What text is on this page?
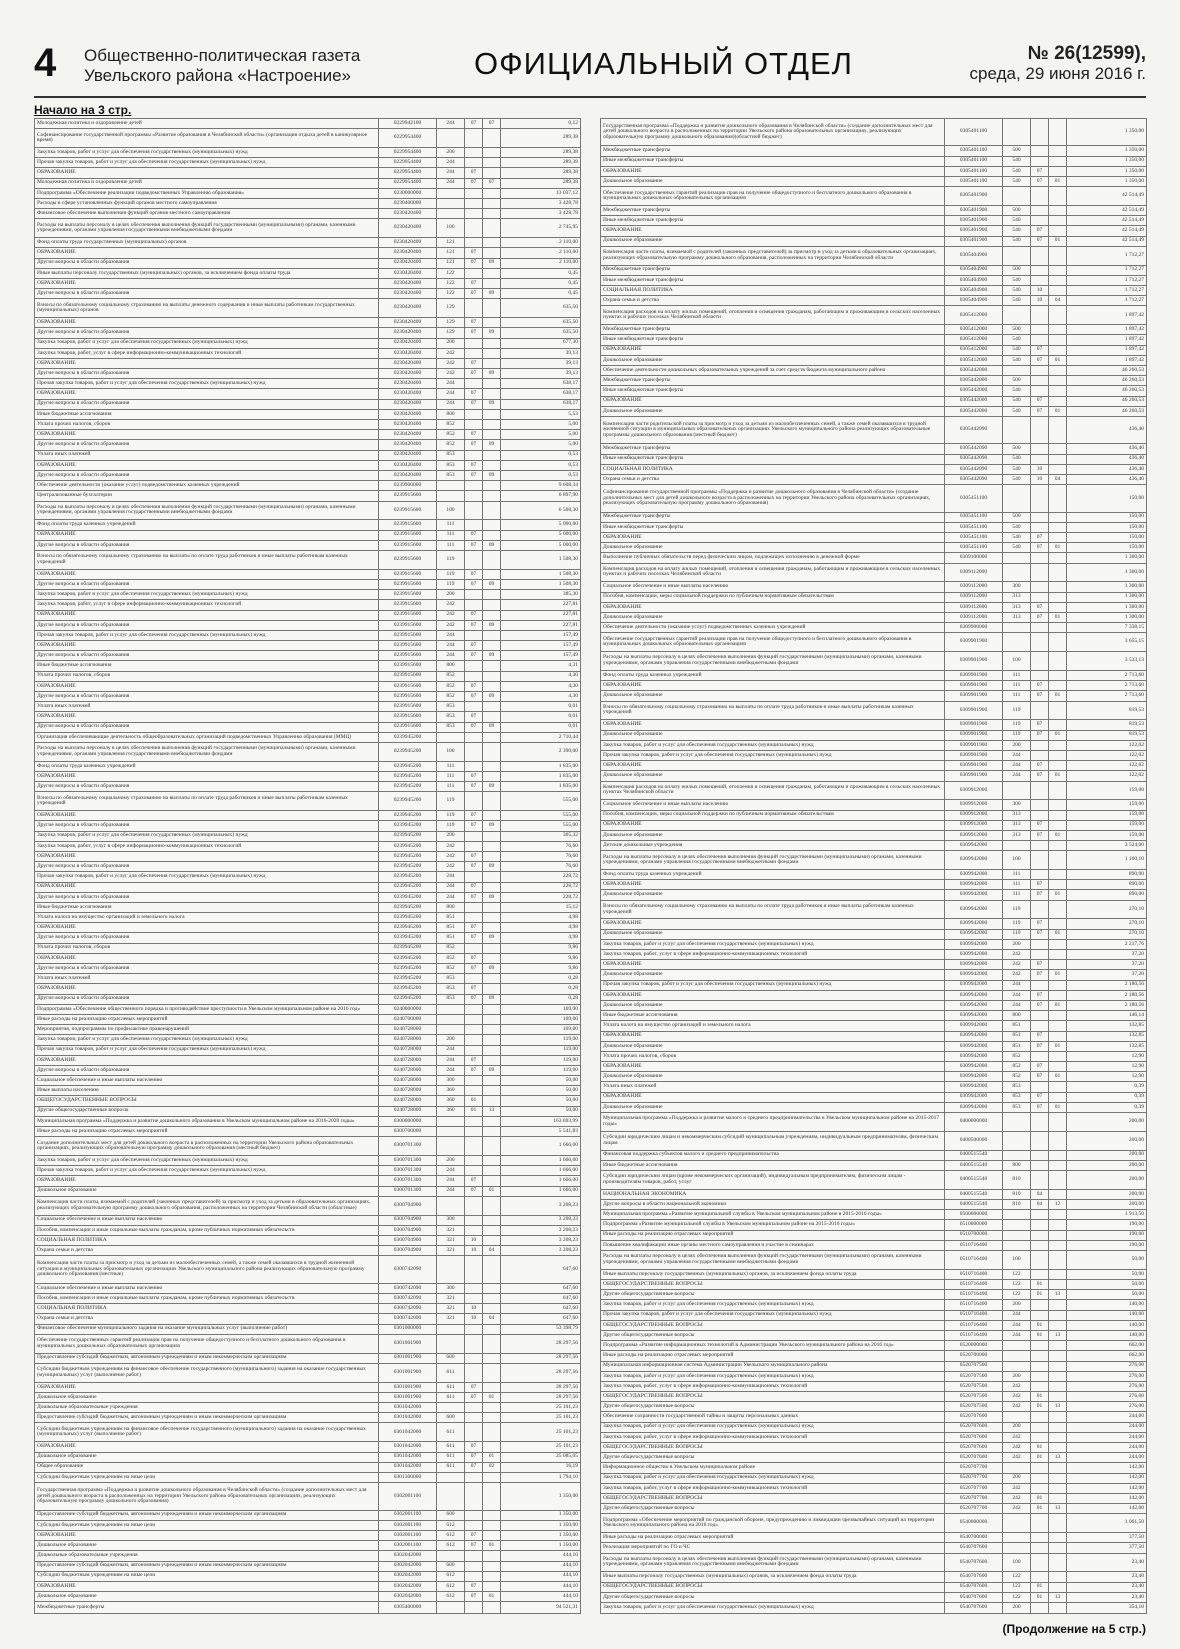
4 Общественно-политическая газета
Увельского района «Настроение»	ОФИЦИАЛЬНЫЙ ОТДЕЛ	№ 26(12599),
среда, 29 июня 2016 г.
Начало на 3 стр.
Молодежная политика и оздоровление детей	0229942100	244	07	07	0,12
Софинансирование государственной программы «Развитие образования в Челябинской области» (организация отдыха детей в каникулярное время)	0229954400				289,38
Закупка товаров, работ и услуг для обеспечения государственных (муниципальных) нужд	0229954400	200			289,38
Прочая закупка товаров, работ и услуг для обеспечения государственных (муниципальных) нужд	0229954400	244			289,38
ОБРАЗОВАНИЕ	0229954400	244	07		289,38
Молодежная политика и оздоровление детей	0229954400	244	07	07	289,38
Подпрограмма «Обеспечение реализации подведомственных Управлению образования»	0230000000				13 037,12
Расходы в сфере установленных функций органов местного самоуправления	0230400000				3 428,78
Финансовое обеспечение выполнения функций органов местного самоуправления	0230420400				3 428,78
Расходы на выплаты персоналу в целях обеспечения выполнения функций государственными (муниципальными) органами, казенными учреждениями, органами управления государственными внебюджетными фондами	0230420400	100			2 745,95
Фонд оплаты труда государственных (муниципальных) органов	0230420400	121			2 110,00
ОБРАЗОВАНИЕ	0230420400	121	07		2 110,00
Другие вопросы в области образования	0230420400	121	07	09	2 110,00
Иные выплаты персоналу государственных (муниципальных) органов, за исключением фонда оплаты труда	0230420400	122			0,45
ОБРАЗОВАНИЕ	0230420400	122	07		0,45
Другие вопросы в области образования	0230420400	122	07	09	0,45
Взносы по обязательному социальному страхованию на выплаты денежного содержания и иные выплаты работникам государственных (муниципальных) органов	0230420400	129			635,50
ОБРАЗОВАНИЕ	0230420400	129	07		635,50
Другие вопросы в области образования	0230420400	129	07	09	635,50
Закупка товаров, работ и услуг для обеспечения государственных (муниципальных) нужд	0230420400	200			677,30
Закупка товаров, работ, услуг в сфере информационно-коммуникационных технологий	0230420400	242			39,13
ОБРАЗОВАНИЕ	0230420400	242	07		39,13
Другие вопросы в области образования	0230420400	242	07	09	39,13
Прочая закупка товаров, работ и услуг для обеспечения государственных (муниципальных) нужд	0230420400	244			638,17
ОБРАЗОВАНИЕ	0230420400	244	07		638,17
Другие вопросы в области образования	0230420400	244	07	09	638,17
Иные бюджетные ассигнования	0230420400	800			5,53
Уплата прочих налогов, сборов	0230420400	852			5,00
ОБРАЗОВАНИЕ	0230420400	852	07		5,00
Другие вопросы в области образования	0230420400	852	07	09	5,00
Уплата иных платежей	0230420400	853			0,53
ОБРАЗОВАНИЕ	0230420400	853	07		0,53
Другие вопросы в области образования	0230420400	853	07	09	0,53
Обеспечение деятельности (оказание услуг) подведомственных казенных учреждений	0239900000				9 608,34
Централизованные бухгалтерии	0239915600				6 897,90
Расходы на выплаты персоналу в целях обеспечения выполнения функций государственными (муниципальными) органами, казенными учреждениями, органами управления государственными внебюджетными фондами	0239915600	100			6 508,30
Фонд оплаты труда казенных учреждений	0239915600	111			5 000,00
ОБРАЗОВАНИЕ	0239915600	111	07		5 000,00
Другие вопросы в области образования	0239915600	111	07	09	5 000,00
Взносы по обязательному социальному страхованию на выплаты по оплате труда работников и иные выплаты работникам казенных учреждений	0239915600	119			1 508,30
ОБРАЗОВАНИЕ	0239915600	119	07		1 508,30
Другие вопросы в области образования	0239915600	119	07	09	1 508,30
Закупка товаров, работ и услуг для обеспечения государственных (муниципальных) нужд	0239915600	200			385,30
Закупка товаров, работ, услуг в сфере информационно-коммуникационных технологий	0239915600	242			227,81
ОБРАЗОВАНИЕ	0239915600	242	07		227,81
Другие вопросы в области образования	0239915600	242	07	09	227,81
Прочая закупка товаров, работ и услуг для обеспечения государственных (муниципальных) нужд	0239915600	244			157,49
ОБРАЗОВАНИЕ	0239915600	244	07		157,49
Другие вопросы в области образования	0239915600	244	07	09	157,49
Иные бюджетные ассигнования	0239915600	800			4,31
Уплата прочих налогов, сборов	0239915600	852			4,30
ОБРАЗОВАНИЕ	0239915600	852	07		4,30
Другие вопросы в области образования	0239915600	852	07	09	4,30
Уплата иных платежей	0239915600	853			0,01
ОБРАЗОВАНИЕ	0239915600	853	07		0,01
Другие вопросы в области образования	0239915600	853	07	09	0,01
Организация обеспечивающие деятельность общеобразовательных организаций подведомственных Управлению образования (ММЦ)	0239945200				2 710,44
Расходы на выплаты персоналу в целях обеспечения выполнения функций государственными (муниципальными) органами, казенными учреждениями, органами управления государственными внебюджетными фондами	0239945200	100			2 390,00
Фонд оплаты труда казенных учреждений	0239945200	111			1 835,00
ОБРАЗОВАНИЕ	0239945200	111	07		1 835,00
Другие вопросы в области образования	0239945200	111	07	09	1 835,00
Взносы по обязательному социальному страхованию на выплаты по оплате труда работников и иные выплаты работникам казенных учреждений	0239945200	119			555,00
ОБРАЗОВАНИЕ	0239945200	119	07		555,00
Другие вопросы в области образования	0239945200	119	07	09	555,00
Закупка товаров, работ и услуг для обеспечения государственных (муниципальных) нужд	0239945200	200			305,32
Закупка товаров, работ, услуг в сфере информационно-коммуникационных технологий	0239945200	242			76,60
ОБРАЗОВАНИЕ	0239945200	242	07		76,60
Другие вопросы в области образования	0239945200	242	07	09	76,60
Прочая закупка товаров, работ и услуг для обеспечения государственных (муниципальных) нужд	0239945200	244			228,72
ОБРАЗОВАНИЕ	0239945200	244	07		228,72
Другие вопросы в области образования	0239945200	244	07	09	228,72
Иные бюджетные ассигнования	0239945200	800			15,12
Уплата налога на имущество организаций и земельного налога	0239945200	851			4,98
ОБРАЗОВАНИЕ	0239945200	851	07		4,98
Другие вопросы в области образования	0239945200	851	07	09	4,98
Уплата прочих налогов, сборов	0239945200	852			9,86
ОБРАЗОВАНИЕ	0239945200	852	07		9,86
Другие вопросы в области образования	0239945200	852	07	09	9,86
Уплата иных платежей	0239945200	853			0,28
ОБРАЗОВАНИЕ	0239945200	853	07		0,28
Другие вопросы в области образования	0239945200	853	07	09	0,28
Подпрограмма «Обеспечение общественного порядка и противодействие преступности в Увельском муниципальном районе на 2016 год»	0240000000				169,00
Иные расходы на реализацию отраслевых мероприятий	0240700000				169,00
Мероприятия, подпрограммы по профилактике правонарушений	0240728000				169,00
Закупка товаров, работ и услуг для обеспечения государственных (муниципальных) нужд	0240728000	200			119,00
Прочая закупка товаров, работ и услуг для обеспечения государственных (муниципальных) нужд	0240728000	244			119,00
ОБРАЗОВАНИЕ	0240728000	244	07		119,00
Другие вопросы в области образования	0240728000	244	07	09	119,00
Социальное обеспечение и иные выплаты населению	0240728000	300			50,00
Иные выплаты населению	0240728000	360			50,00
ОБЩЕГОСУДАРСТВЕННЫЕ ВОПРОСЫ	0240728000	360	01		50,00
Другие общегосударственные вопросы	0240728000	360	01	13	50,00
Муниципальная программа «Поддержка и развитие дошкольного образования в Увельском муниципальном районе на 2016-2020 годы»	0300000000				163 693,99
Иные расходы на реализацию отраслевых мероприятий	0300700000				5 541,83
Создание дополнительных мест для детей дошкольного возраста в расположенных на территории Увельского района образовательных организациях, реализующих образовательную программу дошкольного образования (местный бюджет)	0300701300				1 666,00
Закупка товаров, работ и услуг для обеспечения государственных (муниципальных) нужд	0300701300	200			1 666,00
Прочая закупка товаров, работ и услуг для обеспечения государственных (муниципальных) нужд	0300701300	244			1 666,00
ОБРАЗОВАНИЕ	0300701300	244	07		1 666,00
Дошкольное образование	0300701300	244	07	01	1 666,00
Компенсация части платы, взимаемой с родителей (законных представителей) за присмотр и уход за детьми в образовательных организациях, реализующих образовательную программу дошкольного образования, расположенных на территории Челябинской области (областные)	0300704900				3 208,23
Социальное обеспечение и иные выплаты населению	0300704900	300			3 208,23
Пособия, компенсации и иные социальные выплаты гражданам, кроме публичных нормативных обязательств	0300704900	321			3 208,23
СОЦИАЛЬНАЯ ПОЛИТИКА	0300704900	321	10		3 208,23
Охрана семьи и детства	0300704900	321	10	04	3 208,23
Компенсация части платы за присмотр и уход за детьми из малообеспеченных семей, а также семей оказавшихся в трудной жизненной ситуации в муниципальных образовательных организациях Увельского муниципального района реализующих образовательную программу дошкольного образования (местные)	0300742090				647,60
Социальное обеспечение и иные выплаты населению	0300742090	300			647,60
Пособия, компенсации и иные социальные выплаты гражданам, кроме публичных нормативных обязательств	0300742090	321			647,60
СОЦИАЛЬНАЯ ПОЛИТИКА	0300742090	321	10		647,60
Охрана семьи и детства	0300742090	321	10	04	647,60
Финансовое обеспечение муниципального задания на оказание муниципальных услуг (выполнение работ)	0301000000				53 398,79
Обеспечение государственных гарантий реализации прав на получение общедоступного и бесплатного дошкольного образования в муниципальных дошкольных образовательных организациях	0301001900				28 297,56
Предоставление субсидий бюджетным, автономным учреждениям и иным некоммерческим организациям	0301001900	600			28 297,56
Субсидии бюджетным учреждениям на финансовое обеспечение государственного (муниципального) задания на оказание государственных (муниципальных) услуг (выполнение работ)	0301001900	611			28 297,56
ОБРАЗОВАНИЕ	0301001900	611	07		28 297,56
Дошкольное образование	0301001900	611	07	01	28 297,56
Дошкольные образовательные учреждения	0301042000				25 101,23
Предоставление субсидий бюджетным, автономным учреждениям и иным некоммерческим организациям	0301042000	600			25 101,23
Субсидии бюджетным учреждениям на финансовое обеспечение государственного (муниципального) задания на оказание государственных (муниципальных) услуг (выполнение работ)	0301042000	611			25 101,23
ОБРАЗОВАНИЕ	0301042000	611	07		25 101,23
Дошкольное образование	0301042000	611	07	01	25 085,05
Общее образование	0301042000	611	07	02	16,19
Субсидии бюджетным учреждениям на иные цели	0301300000				1 794,10
Государственная программа «Поддержка и развитие дошкольного образования в Челябинской области» (создание дополнительных мест для детей дошкольного возраста в расположенных на территории Увельского района образовательных организациях, реализующих образовательную программу дошкольного образования)	0302001100				1 350,00
Предоставление субсидий бюджетным, автономным учреждениям и иным некоммерческим организациям	0302001100	600			1 350,00
Субсидии бюджетным учреждениям на иные цели	0302001100	612			1 350,00
ОБРАЗОВАНИЕ	0302001100	612	07		1 350,00
Дошкольное образование	0302001100	612	07	01	1 350,00
Дошкольные образовательные учреждения	0302042000				444,10
Предоставление субсидий бюджетным, автономным учреждениям и иным некоммерческим организациям	0302042000	600			444,10
Субсидии бюджетным учреждениям на иные цели	0302042000	612			444,10
ОБРАЗОВАНИЕ	0302042000	612	07		444,10
Дошкольное образование	0302042000	612	07	01	444,10
Межбюджетные трансферты	0305400000				94 521,31
Государственная программа «Поддержка и развитие дошкольного образования в Челябинской области» (создание дополнительных мест для детей дошкольного возраста в расположенных на территории Увельского района образовательных организациях, реализующих образовательную программу дошкольного образования)(областной бюджет)	0305401100				1 350,00
Межбюджетные трансферты	0305401100	500			1 350,00
Иные межбюджетные трансферты	0305401100	540			1 350,00
ОБРАЗОВАНИЕ	0305401100	540	07		1 350,00
Дошкольное образование	0305401100	540	07	01	1 350,00
Обеспечение государственных гарантий реализации прав на получение общедоступного и бесплатного дошкольного образования в муниципальных дошкольных образовательных организациях	0305401900				42 514,49
Межбюджетные трансферты	0305401900	500			42 514,49
Иные межбюджетные трансферты	0305401900	540			42 514,49
ОБРАЗОВАНИЕ	0305401900	540	07		42 514,49
Дошкольное образование	0305401900	540	07	01	42 514,49
Компенсация части платы, взимаемой с родителей (законных представителей) за присмотр и уход за детьми в образовательных организациях, реализующих образовательную программу дошкольного образования, расположенных на территории Челябинской области	0305404900				1 712,27
Межбюджетные трансферты	0305404900	500			1 712,27
Иные межбюджетные трансферты	0305404900	540			1 712,27
СОЦИАЛЬНАЯ ПОЛИТИКА	0305404900	540	10		1 712,27
Охрана семьи и детства	0305404900	540	10	04	1 712,27
Компенсация расходов на оплату жилых помещений, отопления и освещения гражданам, работающим и проживающим в сельских населенных пунктах и рабочих поселках Челябинской области	0305412000				1 897,42
Межбюджетные трансферты	0305412000	500			1 897,42
Иные межбюджетные трансферты	0305412000	540			1 897,42
ОБРАЗОВАНИЕ	0305412000	540	07		1 897,42
Дошкольное образование	0305412000	540	07	01	1 897,42
Обеспечение деятельности дошкольных образовательных учреждений за счет средств бюджета муниципального района	0305442000				46 260,53
Межбюджетные трансферты	0305442000	500			46 260,53
Иные межбюджетные трансферты	0305442000	540			46 260,53
ОБРАЗОВАНИЕ	0305442000	540	07		46 260,53
Дошкольное образование	0305442000	540	07	01	46 260,53
Компенсация части родительской платы за присмотр и уход за детьми из малообеспеченных семей, а также семей оказавшихся в трудной жизненной ситуации в муниципальных образовательных организациях Увельского муниципального района реализующих образовательные программы дошкольного образования (местный бюджет)	0305442090				436,40
Межбюджетные трансферты	0305442090	500			436,40
Иные межбюджетные трансферты	0305442090	540			436,40
СОЦИАЛЬНАЯ ПОЛИТИКА	0305442090	540	10		436,40
Охрана семьи и детства	0305442090	540	10	04	436,40
Софинансирование государственной программы «Поддержка и развитие дошкольного образования в Челябинской области» (создание дополнительных мест для детей дошкольного возраста в расположенных на территории Увельского района образовательных организациях, реализующих образовательную программу дошкольного образования)	0305451100				150,00
Межбюджетные трансферты	0305451100	500			150,00
Иные межбюджетные трансферты	0305451100	540			150,00
ОБРАЗОВАНИЕ	0305451100	540	07		150,00
Дошкольное образование	0305451100	540	07	01	150,00
Выполнение публичных обязательств перед физическим лицом, подлежащих исполнению в денежной форме	0309100000				1 300,00
Компенсация расходов на оплату жилых помещений, отопления и освещения гражданам, работающим и проживающим в сельских населенных пунктах и рабочих поселках Челябинской области	0309112000				1 300,00
Социальное обеспечение и иные выплаты населению	0309112000	300			1 300,00
Пособия, компенсации, меры социальной поддержки по публичным нормативным обязательствам	0309112000	313			1 300,00
ОБРАЗОВАНИЕ	0309112000	313	07		1 300,00
Дошкольное образование	0309112000	313	07	01	1 300,00
Обеспечение деятельности (оказание услуг) подведомственных казенных учреждений	0309900000				7 338,15
Обеспечение государственных гарантий реализации прав на получение общедоступного и бесплатного дошкольного образования в муниципальных дошкольных образовательных организациях	0309901900				3 655,15
Расходы на выплаты персоналу в целях обеспечения выполнения функций государственными (муниципальными) органами, казенными учреждениями, органами управления государственными внебюджетными фондами	0309901900	100			3 533,13
Фонд оплаты труда казенных учреждений	0309901900	111			2 713,60
ОБРАЗОВАНИЕ	0309901900	111	07		2 713,60
Дошкольное образование	0309901900	111	07	01	2 713,60
Взносы по обязательному социальному страхованию на выплаты по оплате труда работников и иные выплаты работникам казенных учреждений	0309901900	119			819,53
ОБРАЗОВАНИЕ	0309901900	119	07		819,53
Дошкольное образование	0309901900	119	07	01	819,53
Закупка товаров, работ и услуг для обеспечения государственных (муниципальных) нужд	0309901900	200			122,02
Прочая закупка товаров, работ и услуг для обеспечения государственных (муниципальных) нужд	0309901900	244			122,02
ОБРАЗОВАНИЕ	0309901900	244	07		122,02
Дошкольное образование	0309901900	244	07	01	122,02
Компенсация расходов на оплату жилых помещений, отопления и освещения гражданам, работающим и проживающим в сельских населенных пунктах Челябинской области	0309912000				159,00
Социальное обеспечение и иные выплаты населению	0309912000	300			159,00
Пособия, компенсации, меры социальной поддержки по публичным нормативным обязательствам	0309912000	313			159,00
ОБРАЗОВАНИЕ	0309912000	313	07		159,00
Дошкольное образование	0309912000	313	07	01	159,00
Детские дошкольные учреждения	0309942000				3 524,00
Расходы на выплаты персоналу в целях обеспечения выполнения функций государственными (муниципальными) органами, казенными учреждениями, органами управления государственными внебюджетными фондами	0309942000	100			1 160,10
Фонд оплаты труда казенных учреждений	0309942000	111			890,00
ОБРАЗОВАНИЕ	0309942000	111	07		890,00
Дошкольное образование	0309942000	111	07	01	890,00
Взносы по обязательному социальному страхованию на выплаты по оплате труда работников и иные выплаты работникам казенных учреждений	0309942000	119			270,10
ОБРАЗОВАНИЕ	0309942000	119	07		270,10
Дошкольное образование	0309942000	119	07	01	270,10
Закупка товаров, работ и услуг для обеспечения государственных (муниципальных) нужд	0309942000	200			2 217,76
Закупка товаров, работ, услуг в сфере информационно-коммуникационных технологий	0309942000	242			37,20
ОБРАЗОВАНИЕ	0309942000	242	07		37,20
Дошкольное образование	0309942000	242	07	01	37,20
Прочая закупка товаров, работ и услуг для обеспечения государственных (муниципальных) нужд	0309942000	244			2 180,56
ОБРАЗОВАНИЕ	0309942000	244	07		2 180,56
Дошкольное образование	0309942000	244	07	01	2 180,56
Иные бюджетные ассигнования	0309942000	800			146,14
Уплата налога на имущество организаций и земельного налога	0309942000	851			132,85
ОБРАЗОВАНИЕ	0309942000	851	07		132,85
Дошкольное образование	0309942000	851	07	01	132,85
Уплата прочих налогов, сборов	0309942000	852			12,90
ОБРАЗОВАНИЕ	0309942000	852	07		12,90
Дошкольное образование	0309942000	852	07	01	12,90
Уплата иных платежей	0309942000	853			0,39
ОБРАЗОВАНИЕ	0309942000	853	07		0,39
Дошкольное образование	0309942000	853	07	01	0,39
Муниципальная программа «Поддержка и развитие малого и среднего предпринимательства в Увельском муниципальном районе на 2015-2017 годы»	0400000000				200,00
Субсидии юридическим лицам и некоммерческим субсидий муниципальным учреждениям, индивидуальным предпринимателям, физическим лицам	0400500000				200,00
Финансовая поддержка субъектов малого и среднего предпринимательства	0400515540				200,00
Иные бюджетные ассигнования	0400515540	800			200,00
Субсидии юридическим лицам (кроме некоммерческих организаций), индивидуальным предпринимателям, физическим лицам - производителям товаров, работ, услуг	0400515540	810			200,00
НАЦИОНАЛЬНАЯ ЭКОНОМИКА	0400515540	810	04		200,00
Другие вопросы в области национальной экономики	0400515540	810	04	12	200,00
Муниципальная программа «Развитие муниципальной службы в Увельском муниципальном районе в 2015-2016 годы»	0500000000				1 913,50
Подпрограмма «Развитие муниципальной службы в Увельском муниципальном районе на 2015-2016 годы»	0510000000				190,00
Иные расходы на реализацию отраслевых мероприятий	0510700000				190,00
Повышение квалификации иные органы местного самоуправления и участие в семинарах	0510716400				190,00
Расходы на выплаты персоналу в целях обеспечения выполнения функций государственными (муниципальными) органами, казенными учреждениями, органами управления государственными внебюджетными фондами	0510716400	100			50,00
Иные выплаты персоналу государственных (муниципальных) органов, за исключением фонда оплаты труда	0510716400	122			50,00
ОБЩЕГОСУДАРСТВЕННЫЕ ВОПРОСЫ	0510716400	122	01		50,00
Другие общегосударственные вопросы	0510716400	122	01	13	50,00
Закупка товаров, работ и услуг для обеспечения государственных (муниципальных) нужд	0510716400	200			140,00
Прочая закупка товаров, работ и услуг для обеспечения государственных (муниципальных) нужд	0510716400	244			140,00
ОБЩЕГОСУДАРСТВЕННЫЕ ВОПРОСЫ	0510716400	244	01		140,00
Другие общегосударственные вопросы	0510716400	244	01	13	140,00
Подпрограмма «Развитие информационных технологий в Администрации Увельского муниципального района на 2016 год»	0520000000				662,00
Иные расходы на реализацию отраслевых мероприятий	0520700000				662,00
Муниципальная информационная система Администрации Увельского муниципального района	0520707500				276,00
Закупка товаров, работ и услуг для обеспечения государственных (муниципальных) нужд	0520707500	200			276,00
Закупка товаров, работ, услуг в сфере информационно-коммуникационных технологий	0520707500	242			276,00
ОБЩЕГОСУДАРСТВЕННЫЕ ВОПРОСЫ	0520707500	242	01		276,00
Другие общегосударственные вопросы	0520707500	242	01	13	276,00
Обеспечение сохранности государственной тайны и защиты персональных данных	0520707600				244,00
Закупка товаров, работ и услуг для обеспечения государственных (муниципальных) нужд	0520707600	200			244,00
Закупка товаров, работ, услуг в сфере информационно-коммуникационных технологий	0520707600	242			244,00
ОБЩЕГОСУДАРСТВЕННЫЕ ВОПРОСЫ	0520707600	242	01		244,00
Другие общегосударственные вопросы	0520707600	242	01	13	244,00
Информационное общество в Увельском муниципальном районе	0520707700				142,00
Закупка товаров, работ и услуг для обеспечения государственных (муниципальных) нужд	0520707700	200			142,00
Закупка товаров, работ, услуг в сфере информационно-коммуникационных технологий	0520707700	242			142,00
ОБЩЕГОСУДАРСТВЕННЫЕ ВОПРОСЫ	0520707700	242	01		142,00
Другие общегосударственные вопросы	0520707700	242	01	13	142,00
Подпрограмма «Обеспечение мероприятий по гражданской обороне, предупреждению и ликвидации чрезвычайных ситуаций на территории Увельского муниципального района на 2016 год»	0540000000				1 061,50
Иные расходы на реализацию отраслевых мероприятий	0540700000				377,50
Реализация мероприятий по ГО и ЧС	0540707600				377,50
Расходы на выплаты персоналу в целях обеспечения выполнения функций государственными (муниципальными) органами, казенными учреждениями, органами управления государственными внебюджетными фондами	0540707600	100			23,40
Иные выплаты персоналу государственных (муниципальных) органов, за исключением фонда оплаты труда	0540707600	122			23,40
ОБЩЕГОСУДАРСТВЕННЫЕ ВОПРОСЫ	0540707600	122	01		23,40
Другие общегосударственные вопросы	0540707600	122	01	13	23,40
Закупка товаров, работ и услуг для обеспечения государственных (муниципальных) нужд	0540707600	200			354,10
(Продолжение на 5 стр.)
